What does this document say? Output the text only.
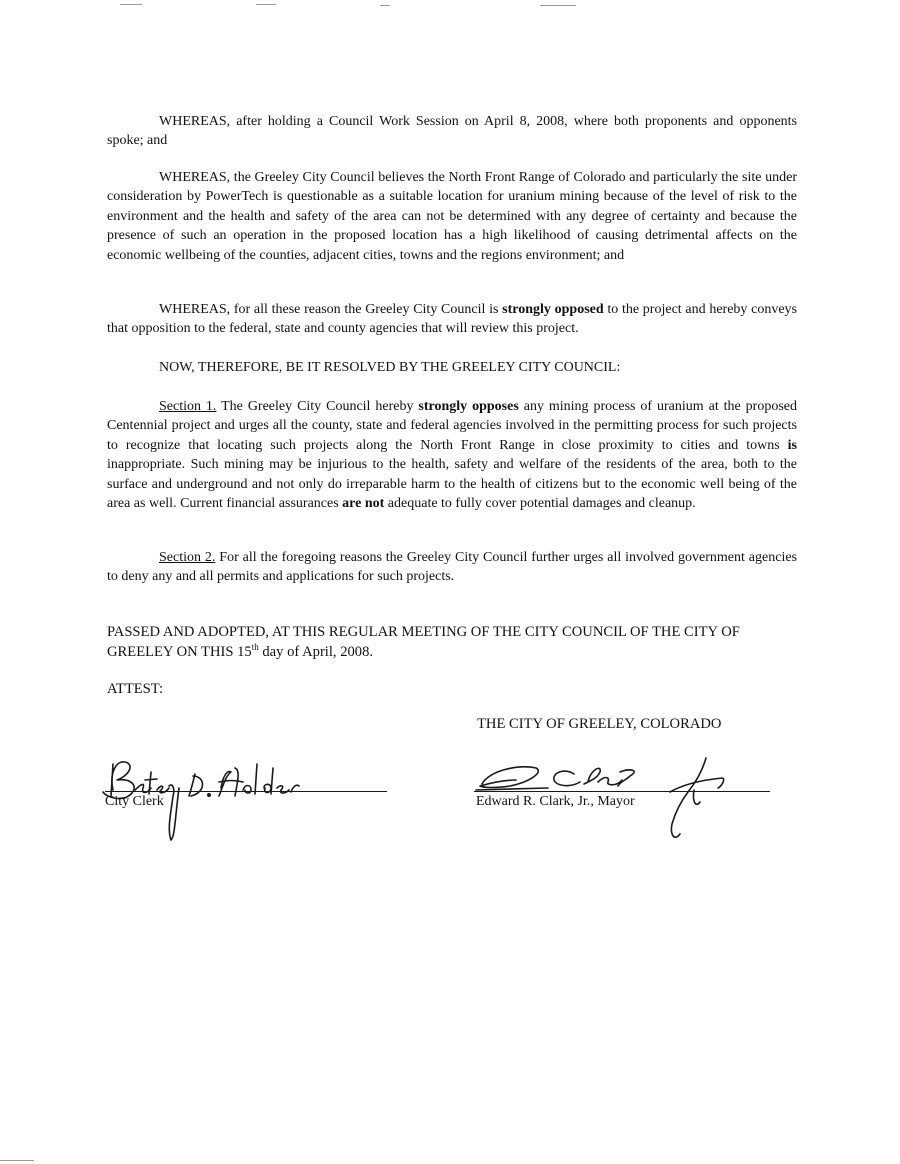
WHEREAS, after holding a Council Work Session on April 8, 2008, where both proponents and opponents spoke; and

WHEREAS, the Greeley City Council believes the North Front Range of Colorado and particularly the site under consideration by PowerTech is questionable as a suitable location for uranium mining because of the level of risk to the environment and the health and safety of the area can not be determined with any degree of certainty and because the presence of such an operation in the proposed location has a high likelihood of causing detrimental affects on the economic wellbeing of the counties, adjacent cities, towns and the regions environment; and

WHEREAS, for all these reason the Greeley City Council is strongly opposed to the project and hereby conveys that opposition to the federal, state and county agencies that will review this project.

NOW, THEREFORE, BE IT RESOLVED BY THE GREELEY CITY COUNCIL:

Section 1. The Greeley City Council hereby strongly opposes any mining process of uranium at the proposed Centennial project and urges all the county, state and federal agencies involved in the permitting process for such projects to recognize that locating such projects along the North Front Range in close proximity to cities and towns is inappropriate. Such mining may be injurious to the health, safety and welfare of the residents of the area, both to the surface and underground and not only do irreparable harm to the health of citizens but to the economic well being of the area as well. Current financial assurances are not adequate to fully cover potential damages and cleanup.

Section 2. For all the foregoing reasons the Greeley City Council further urges all involved government agencies to deny any and all permits and applications for such projects.

PASSED AND ADOPTED, AT THIS REGULAR MEETING OF THE CITY COUNCIL OF THE CITY OF
GREELEY ON THIS 15th day of April, 2008.

ATTEST:

THE CITY OF GREELEY, COLORADO

City Clerk	Edward R. Clark, Jr., Mayor
